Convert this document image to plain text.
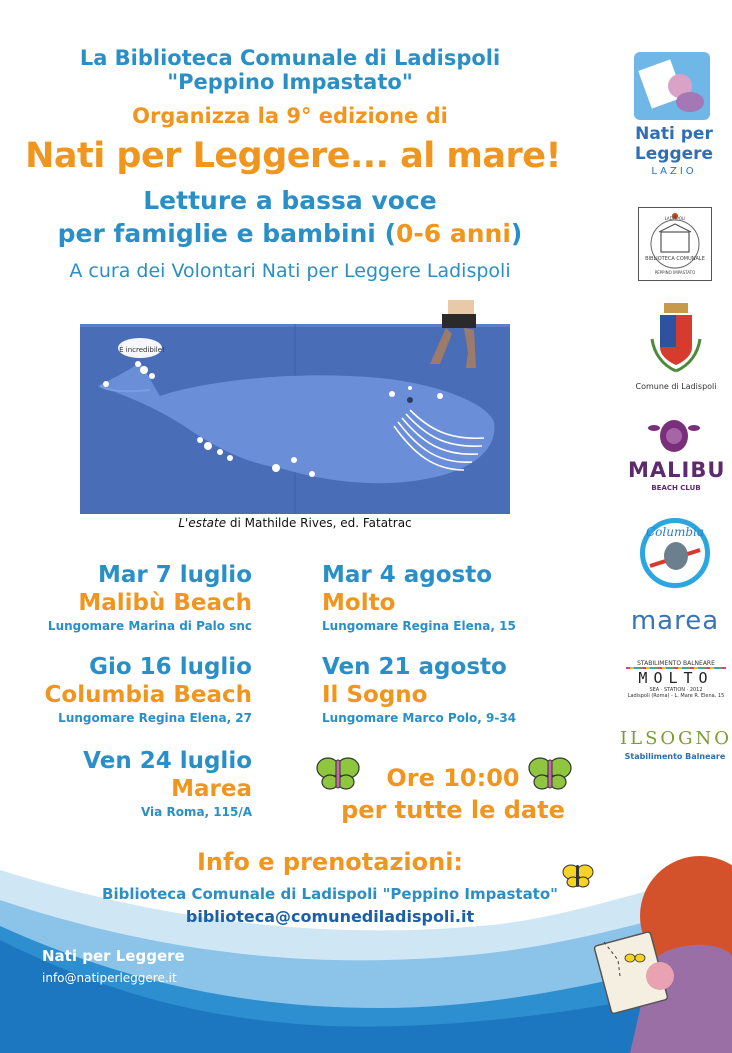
La Biblioteca Comunale di Ladispoli
"Peppino Impastato"
Organizza la 9° edizione di
Nati per Leggere... al mare!
Letture a bassa voce
per famiglie e bambini (0-6 anni)
A cura dei Volontari Nati per Leggere Ladispoli
È incredibile!
L'estate di Mathilde Rives, ed. Fatatrac
Mar 7 luglio
Malibù Beach
Lungomare Marina di Palo snc
Gio 16 luglio
Columbia Beach
Lungomare Regina Elena, 27
Ven 24 luglio
Marea
Via Roma, 115/A
Mar 4 agosto
Molto
Lungomare Regina Elena, 15
Ven 21 agosto
Il Sogno
Lungomare Marco Polo, 9-34
Ore 10:00
per tutte le date
Info e prenotazioni:
Biblioteca Comunale di Ladispoli "Peppino Impastato"
biblioteca@comunediladispoli.it
Nati per Leggere
info@natiperleggere.it
Nati per
Leggere
LAZIO
LADISPOLI
BIBLIOTECA COMUNALE
PEPPINO IMPASTATO
Comune di Ladispoli
MALIBU
BEACH CLUB
Columbia
marea
STABILIMENTO BALNEARE
MOLTO
SEA · STATION · 2012
Ladispoli (Roma) - L. Mare R. Elena, 15
ILSOGNO
Stabilimento Balneare
